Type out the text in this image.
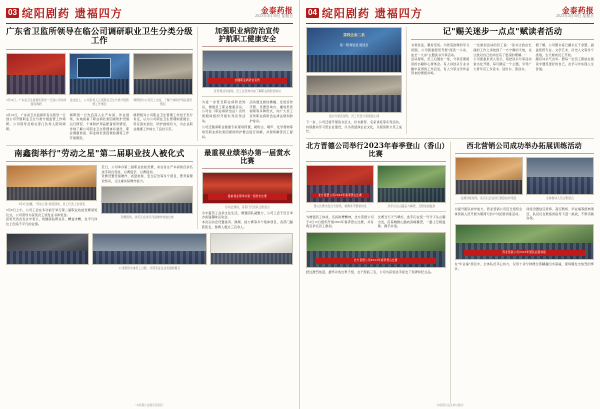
03 绽阳剧药 遗福四方	金泰药报
2023年4月30日 星期日
广东省卫监所领导在临公司调研职业卫生分类分级工作
4月19日，广东省卫生监督所领导一行到公司车间现场调研
座谈会上，公司负责人汇报职业卫生分类分级管理工作情况
调研组与公司员工交流，了解个体防护用品使用情况
4月19日，广东省卫生监督所有关领导一行到公司开展职业卫生分类分级监管工作调研。公司领导及相关部门负责人陪同调研。
调研组一行先后深入生产车间、作业现场，实地查看了职业病危害因素防护设施运行情况、个体防护用品配备使用情况，详细了解公司职业卫生管理体系建设、职业健康检查、职业病危害因素检测等工作开展情况。
调研组对公司职业卫生管理工作给予充分肯定，认为公司职业卫生管理制度健全、责任落实到位、防护措施有力，为企业职业健康工作树立了良好示范。
加强职业病防治宣传
护航职工健康安全
加强职业病防治宣传
宣传周活动现场，员工在咨询台前了解职业病防治知识
为进一步普及职业病防治知识，增强员工职业健康意识，公司在《职业病防治法》宣传周期间组织开展系列宣传活动。
活动通过悬挂横幅、发放宣传手册、设置咨询台、播放科普视频等多种形式，向广大员工宣传职业病防治法律法规和防护常识。
公司还邀请职业健康专家现场授课，就粉尘、噪声、化学毒物等常见职业病危害因素的防护要点进行讲解，并现场解答员工疑问。
南鑫街举行"劳动之星"第二届职业技人被化式
3月6日拍摄，"劳动之星"颁奖现场，员工代表上台领奖
3月6日上午，公司工会在多功能厅举行第二届职业技能竞赛颁奖仪式，公司领导为获奖员工颁发证书和奖金。
获奖代表在发言中表示，将继续钻研业务、精益求精，在平凡岗位上创造不平凡的业绩。
近日，公司举办第二届职业技能竞赛，来自各生产车间的百余名选手同台竞技，以赛促学、以赛促训。
竞赛设置设备操作、质量检验、安全应急等多个项目，既考查理论知识，又注重实际操作能力。
竞赛现场，选手正在进行设备操作技能比拼
最重视业绩举办第一届赏水比赛
最重视业绩举办第一届赏水比赛
运动会现场，各部门代表队合影留念
为丰富员工业余文化生活，增强团队凝聚力，公司工会于近日举办首届趣味运动会。
本次运动会设置拔河、跳绳、接力赛等多个集体项目，各部门踊跃报名，参赛人数达三百余人。
公司组织全体员工合影，共同见证企业发展新篇章
（本版图片由通讯员提供）
04 绽阳剧药 遗福四方	金泰药报
2023年4月30日 星期日
第线企参二系
第一期 赐读者 阅读会
读书分享会现场，员工代表分享阅读心得
下一步，公司还将开展读书征文、好书推荐、名家讲座等系列活动，持续推动学习型企业建设，以书香浸润企业文化，以阅读助力员工成长。
记"赐关迷步一点点"赋读者活动
书香致远，墨卷至恒。为营造浓厚的学习氛围，公司团委组织开展"阅读一小步，成长一大步"主题读书分享活动。
活动现场，员工们围坐一堂，分享近期阅读的书籍和心得体会。有人讲述从专业书籍中获得的工作启发，有人分享文学作品带来的情感共鸣。
一位参加活动的员工说："读书让我在忙碌的工作之余找到了一方宁静的天地，也让我对自己的岗位有了更深的理解。"
公司团委负责人表示，将把读书分享活动常态化开展，每月确定一个主题，引导广大青年员工多读书、读好书、善读书。
据了解，公司图书室已藏书五千余册，涵盖医药专业、文学艺术、历史人文等多个类别，全天候向员工开放。
腹有诗书气自华。愿每一位员工都能在阅读中遇见更好的自己，在学习中实现人生价值。
北方晋德公司举行2023年春季登山（香山）比赛
北方晋德公司2023年春季登山比赛
登山比赛出发仪式现场，参赛选手整装待发	选手们沿山路奋力攀登，互相加油鼓劲
为增强员工体质，弘扬拼搏精神，北方晋德公司于4月15日组织开展2023年春季登山比赛，共有两百余名员工参加。
比赛当天天气晴好，选手们在统一号令下从山脚出发，沿着蜿蜒山路向顶峰攀登，一路上互相鼓励、携手并进。
北方晋德公司2023年春季登山比赛
经过激烈角逐，最终评选出男子组、女子组前三名，公司为获奖选手颁发了奖牌和纪念品。
西北营销公司成功举办拓展训练活动
拓展训练现场，队员们正在进行团队协作项目	全体参训人员合影留念
为提升团队协作能力，西北营销公司近日组织全体营销人员开展为期两天的户外拓展训练活动。
训练设置信任背摔、高空断桥、毕业墙等经典项目，队员们在教练的指导下逐一挑战，不断突破自我。
西北营销公司2023年团队拓展训练
在"毕业墙"项目中，全体队员齐心协力，仅用十余分钟便全部翻越四米高墙，现场爆发出热烈的掌声。
（本版图片由各单位提供）
